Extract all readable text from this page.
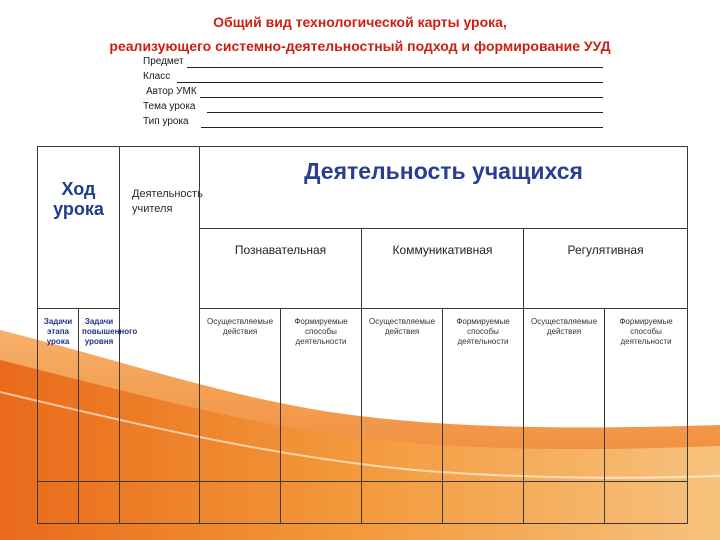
Общий вид технологической карты урока,
реализующего системно-деятельностный подход и формирование УУД
Предмет
Класс
Автор УМК
Тема урока
Тип урока
Ход урока		Деятельность учителя	Деятельность учащихся					

			Познавательная		Коммуникативная		Регулятивная	

Задачи этапа урока	Задачи повышенного уровня		Осуществляемые действия	Формируемые способы деятельности	Осуществляемые действия	Формируемые способы деятельности	Осуществляемые действия	Формируемые способы деятельности
